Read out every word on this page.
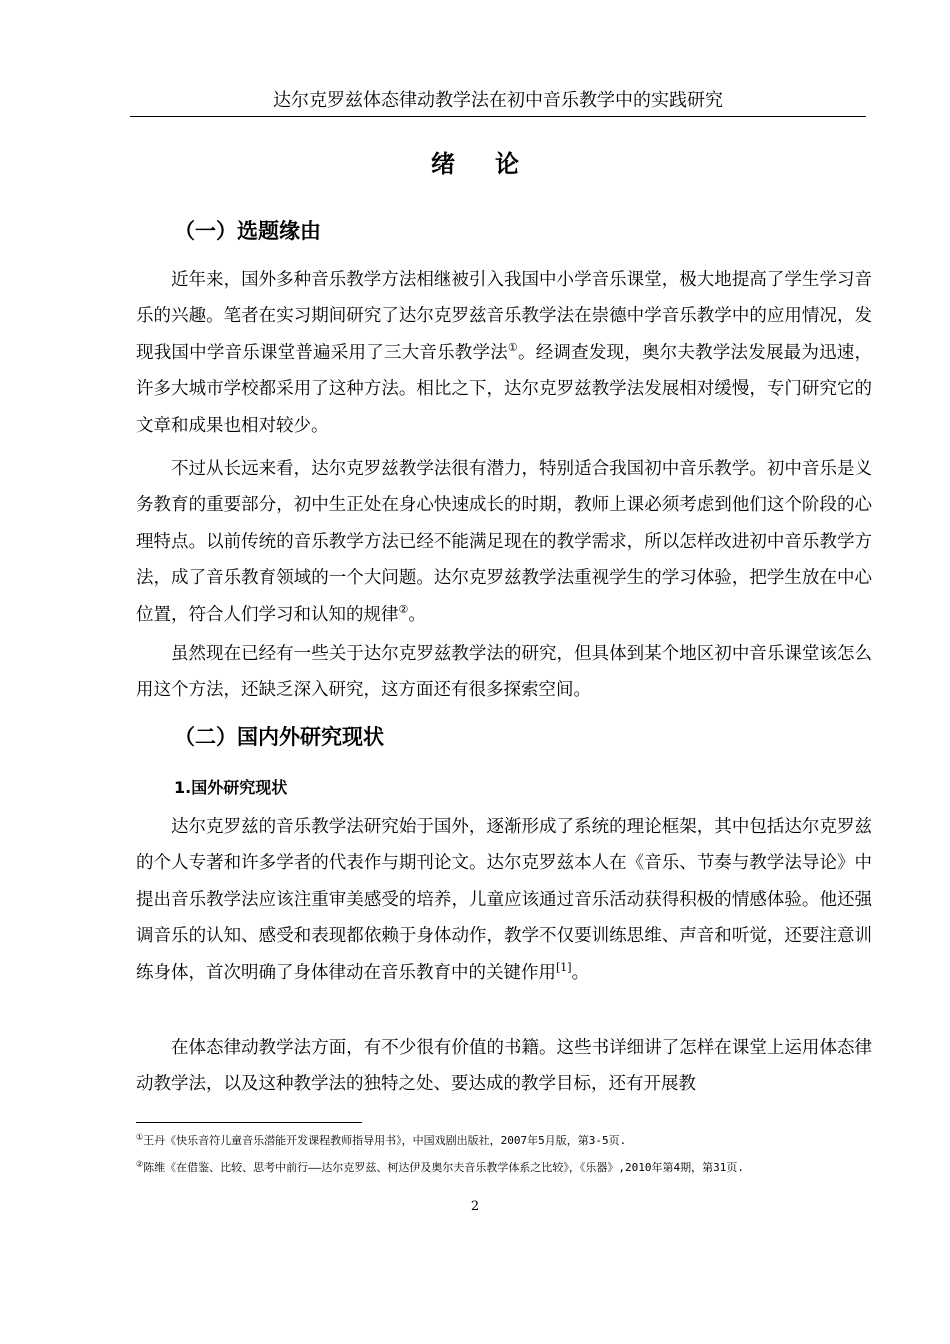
达尔克罗兹体态律动教学法在初中音乐教学中的实践研究
绪论
（一）选题缘由

近年来，国外多种音乐教学方法相继被引入我国中小学音乐课堂，极大地提高了学生学习音乐的兴趣。笔者在实习期间研究了达尔克罗兹音乐教学法在崇德中学音乐教学中的应用情况，发现我国中学音乐课堂普遍采用了三大音乐教学法①。经调查发现，奥尔夫教学法发展最为迅速，许多大城市学校都采用了这种方法。相比之下，达尔克罗兹教学法发展相对缓慢，专门研究它的文章和成果也相对较少。

不过从长远来看，达尔克罗兹教学法很有潜力，特别适合我国初中音乐教学。初中音乐是义务教育的重要部分，初中生正处在身心快速成长的时期，教师上课必须考虑到他们这个阶段的心理特点。以前传统的音乐教学方法已经不能满足现在的教学需求，所以怎样改进初中音乐教学方法，成了音乐教育领域的一个大问题。达尔克罗兹教学法重视学生的学习体验，把学生放在中心位置，符合人们学习和认知的规律②。

虽然现在已经有一些关于达尔克罗兹教学法的研究，但具体到某个地区初中音乐课堂该怎么用这个方法，还缺乏深入研究，这方面还有很多探索空间。

（二）国内外研究现状
1.国外研究现状

达尔克罗兹的音乐教学法研究始于国外，逐渐形成了系统的理论框架，其中包括达尔克罗兹的个人专著和许多学者的代表作与期刊论文。达尔克罗兹本人在《音乐、节奏与教学法导论》中提出音乐教学法应该注重审美感受的培养，儿童应该通过音乐活动获得积极的情感体验。他还强调音乐的认知、感受和表现都依赖于身体动作，教学不仅要训练思维、声音和听觉，还要注意训练身体，首次明确了身体律动在音乐教育中的关键作用[1]。

在体态律动教学法方面，有不少很有价值的书籍。这些书详细讲了怎样在课堂上运用体态律动教学法，以及这种教学法的独特之处、要达成的教学目标，还有开展教

①王丹《快乐音符儿童音乐潜能开发课程教师指导用书》，中国戏剧出版社，2007年5月版，第3-5页.

②陈维《在借鉴、比较、思考中前行——达尔克罗兹、柯达伊及奥尔夫音乐教学体系之比较》，《乐器》,2010年第4期，第31页.

2
